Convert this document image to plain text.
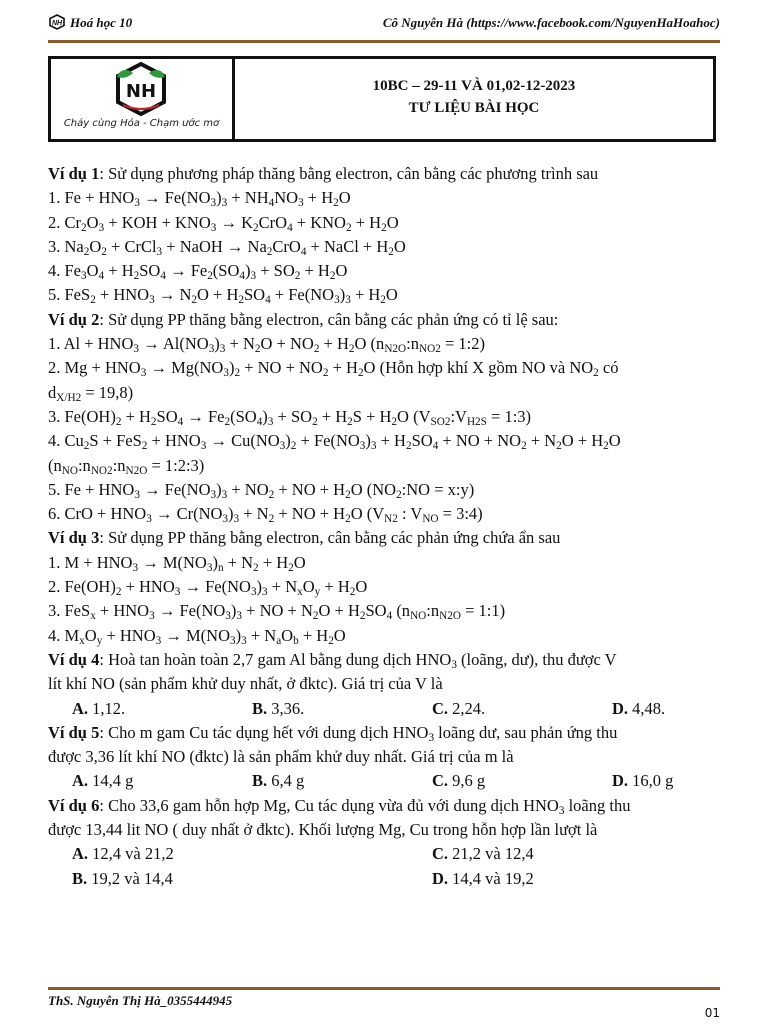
NH Hoá học 10	Cô Nguyễn Hà (https://www.facebook.com/NguyenHaHoahoc)
NH
Cháy cùng Hóa - Chạm ước mơ
10BC – 29-11 VÀ 01,02-12-2023
TƯ LIỆU BÀI HỌC
Ví dụ 1: Sử dụng phương pháp thăng bằng electron, cân bằng các phương trình sau
1. $Fe + HNO_3 \to Fe(NO_3)_3 + NH_4NO_3 + H_2O$
2. $Cr_2O_3$ + KOH + $KNO_3 \to K_2CrO_4 + KNO_2 + H_2O$
3. $Na_2O_2$ + CrCl$_3$ + NaOH → $Na_2CrO_4$ + NaCl + $H_2O$
4. $Fe_3O_4 + H_2SO_4 \to Fe_2(SO_4)_3 + SO_2 + H_2O$
5. $FeS_2 + HNO_3 \to N_2O + H_2SO_4 + Fe(NO_3)_3 + H_2O$
Ví dụ 2: Sử dụng PP thăng bằng electron, cân bằng các phản ứng có tỉ lệ sau:
1. $Al + HNO_3 \to Al(NO_3)_3 + N_2O + NO_2 + H_2O$ ($n_{N2O}:n_{NO2}$ = 1:2)
2. $Mg + HNO_3 \to Mg(NO_3)_2$ + NO + $NO_2 + H_2O$ (Hỗn hợp khí X gồm NO và $NO_2$ có
$d_{X/H2} = 19,8$)
3. $Fe(OH)_2 + H_2SO_4 \to Fe_2(SO_4)_3 + SO_2 + H_2S + H_2O$ ($V_{SO2}:V_{H2S}$ = 1:3)
4. $Cu_2S + FeS_2 + HNO_3 \to Cu(NO_3)_2 + Fe(NO_3)_3 + H_2SO_4$ + NO + $NO_2 + N_2O + H_2O$
($n_{NO}:n_{NO2}:n_{N2O}$ = 1:2:3)
5. $Fe + HNO_3 \to Fe(NO_3)_3 + NO_2$ + NO + $H_2O$ ($NO_2:NO$ = x:y)
6. CrO + $HNO_3 \to Cr(NO_3)_3 + N_2$ + NO + $H_2O$ ($V_{N2}$ : $V_{NO}$ = 3:4)
Ví dụ 3: Sử dụng PP thăng bằng electron, cân bằng các phản ứng chứa ẩn sau
1. $M + HNO_3 \to M(NO_3)_n + N_2 + H_2O$
2. $Fe(OH)_2 + HNO_3 \to Fe(NO_3)_3 + N_xO_y + H_2O$
3. $FeS_x + HNO_3 \to Fe(NO_3)_3$ + NO + $N_2O + H_2SO_4$ ($n_{NO}:n_{N2O}$ = 1:1)
4. $M_xO_y + HNO_3 \to M(NO_3)_3 + N_aO_b + H_2O$
Ví dụ 4: Hoà tan hoàn toàn 2,7 gam Al bằng dung dịch $HNO_3$ (loãng, dư), thu được V
lít khí NO (sản phẩm khử duy nhất, ở đktc). Giá trị của V là
A. 1,12.	B. 3,36.	C. 2,24.	D. 4,48.
Ví dụ 5: Cho m gam Cu tác dụng hết với dung dịch $HNO_3$ loãng dư, sau phản ứng thu
được 3,36 lít khí NO (đktc) là sản phẩm khử duy nhất. Giá trị của m là
A. 14,4 g	B. 6,4 g	C. 9,6 g	D. 16,0 g
Ví dụ 6: Cho 33,6 gam hỗn hợp Mg, Cu tác dụng vừa đủ với dung dịch $HNO_3$ loãng thu
được 13,44 lit NO ( duy nhất ở đktc). Khối lượng Mg, Cu trong hỗn hợp lần lượt là
A. 12,4 và 21,2	C. 21,2 và 12,4
B. 19,2 và 14,4	D. 14,4 và 19,2
ThS. Nguyễn Thị Hà_0355444945
01
